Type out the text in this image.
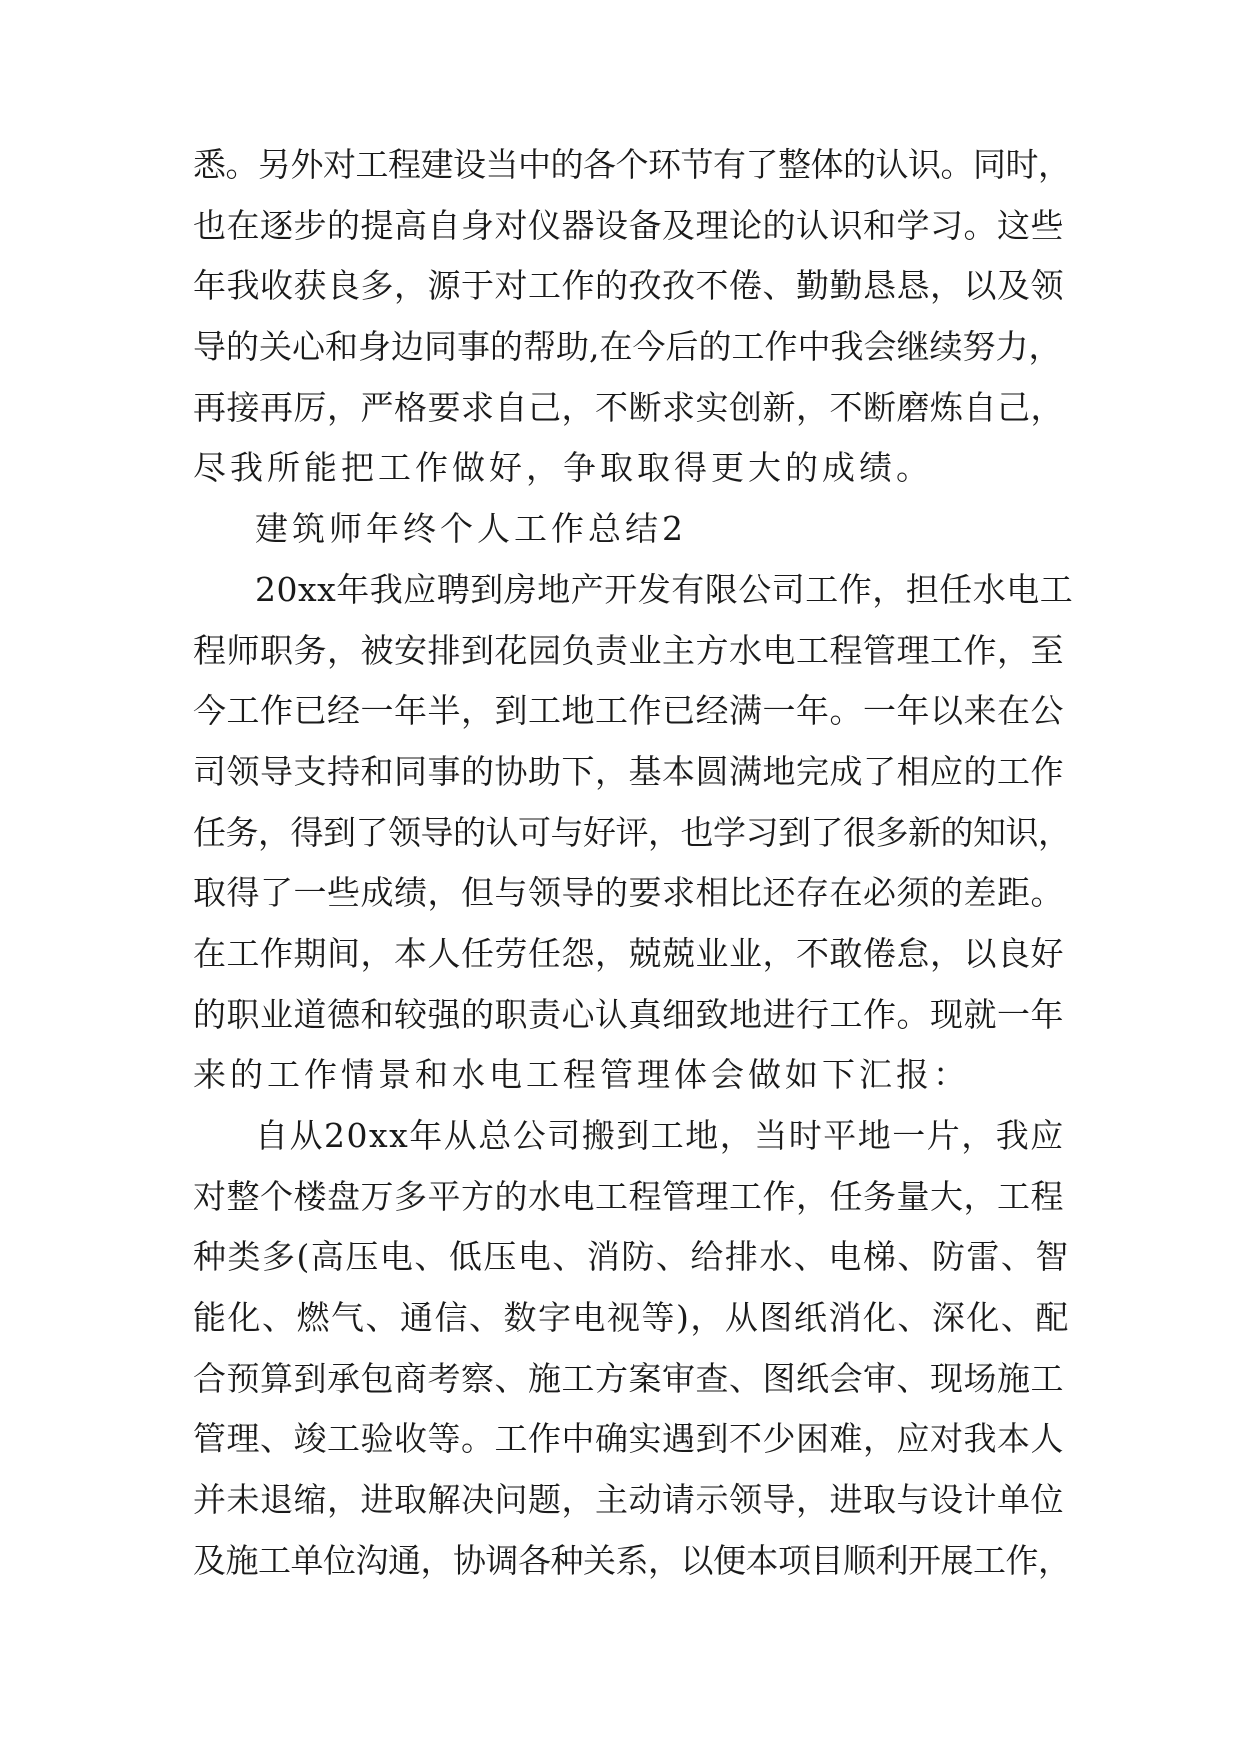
悉。另外对工程建设当中的各个环节有了整体的认识。同时，
也在逐步的提高自身对仪器设备及理论的认识和学习。这些
年我收获良多，源于对工作的孜孜不倦、勤勤恳恳，以及领
导的关心和身边同事的帮助,在今后的工作中我会继续努力，
再接再厉，严格要求自己，不断求实创新，不断磨炼自己，
尽我所能把工作做好，争取取得更大的成绩。
建筑师年终个人工作总结2
20xx年我应聘到房地产开发有限公司工作，担任水电工
程师职务，被安排到花园负责业主方水电工程管理工作，至
今工作已经一年半，到工地工作已经满一年。一年以来在公
司领导支持和同事的协助下，基本圆满地完成了相应的工作
任务，得到了领导的认可与好评，也学习到了很多新的知识，
取得了一些成绩，但与领导的要求相比还存在必须的差距。
在工作期间，本人任劳任怨，兢兢业业，不敢倦怠，以良好
的职业道德和较强的职责心认真细致地进行工作。现就一年
来的工作情景和水电工程管理体会做如下汇报：
自从20xx年从总公司搬到工地，当时平地一片，我应
对整个楼盘万多平方的水电工程管理工作，任务量大，工程
种类多(高压电、低压电、消防、给排水、电梯、防雷、智
能化、燃气、通信、数字电视等)，从图纸消化、深化、配
合预算到承包商考察、施工方案审查、图纸会审、现场施工
管理、竣工验收等。工作中确实遇到不少困难，应对我本人
并未退缩，进取解决问题，主动请示领导，进取与设计单位
及施工单位沟通，协调各种关系，以便本项目顺利开展工作，
